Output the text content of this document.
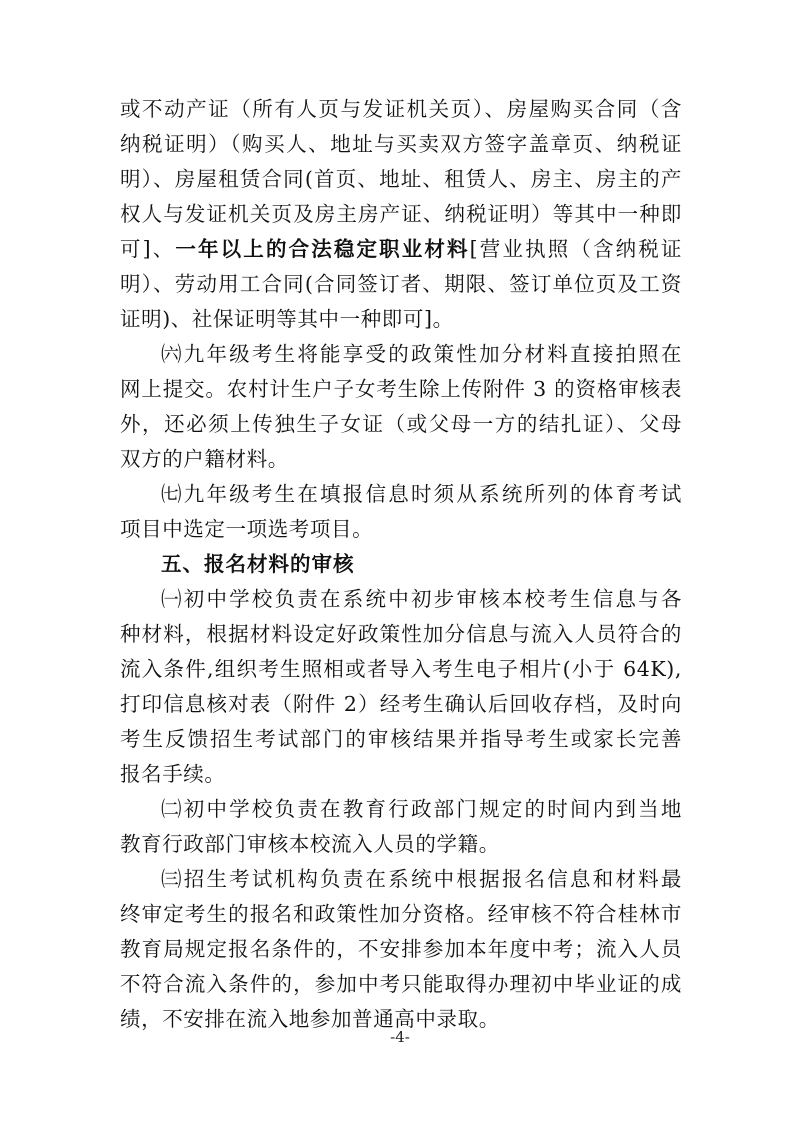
或不动产证（所有人页与发证机关页）、房屋购买合同（含
纳税证明）（购买人、地址与买卖双方签字盖章页、纳税证
明）、房屋租赁合同(首页、地址、租赁人、房主、房主的产
权人与发证机关页及房主房产证、纳税证明）等其中一种即
可]、一年以上的合法稳定职业材料[营业执照（含纳税证
明）、劳动用工合同(合同签订者、期限、签订单位页及工资
证明)、社保证明等其中一种即可]。
㈥九年级考生将能享受的政策性加分材料直接拍照在
网上提交。农村计生户子女考生除上传附件 3 的资格审核表
外，还必须上传独生子女证（或父母一方的结扎证）、父母
双方的户籍材料。
㈦九年级考生在填报信息时须从系统所列的体育考试
项目中选定一项选考项目。
五、报名材料的审核
㈠初中学校负责在系统中初步审核本校考生信息与各
种材料，根据材料设定好政策性加分信息与流入人员符合的
流入条件,组织考生照相或者导入考生电子相片(小于 64K),
打印信息核对表（附件 2）经考生确认后回收存档，及时向
考生反馈招生考试部门的审核结果并指导考生或家长完善
报名手续。
㈡初中学校负责在教育行政部门规定的时间内到当地
教育行政部门审核本校流入人员的学籍。
㈢招生考试机构负责在系统中根据报名信息和材料最
终审定考生的报名和政策性加分资格。经审核不符合桂林市
教育局规定报名条件的，不安排参加本年度中考；流入人员
不符合流入条件的，参加中考只能取得办理初中毕业证的成
绩，不安排在流入地参加普通高中录取。
-4-
